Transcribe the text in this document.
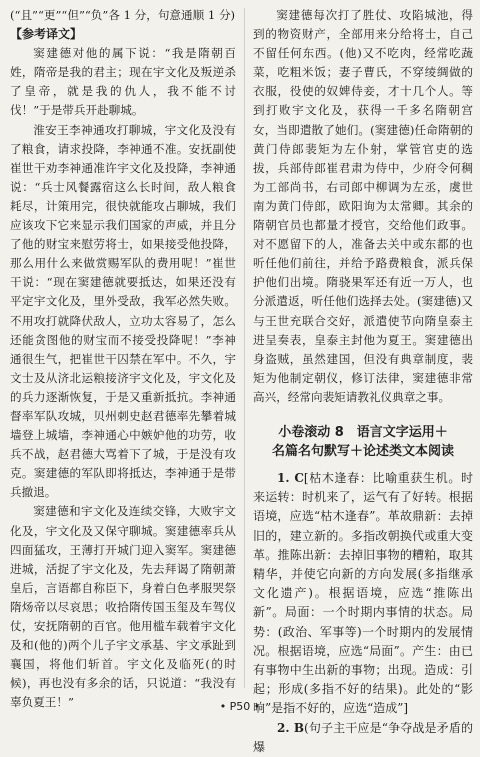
(“且”“更”“但”“负”各 1 分，句意通顺 1 分)

【参考译文】

窦建德对他的属下说：“我是隋朝百姓，隋帝是我的君主；现在宇文化及叛逆杀了皇帝，就是我的仇人，我不能不讨伐！”于是带兵开赴聊城。

淮安王李神通攻打聊城，宇文化及没有了粮食，请求投降，李神通不准。安抚副使崔世干劝李神通准许宇文化及投降，李神通说：“兵士风餐露宿这么长时间，敌人粮食耗尽，计策用完，很快就能攻占聊城，我们应该攻下它来显示我们国家的声威，并且分了他的财宝来慰劳将士，如果接受他投降，那么用什么来做赏赐军队的费用呢！”崔世干说：“现在窦建德就要抵达，如果还没有平定宇文化及，里外受敌，我军必然失败。不用攻打就降伏敌人，立功太容易了，怎么还能贪图他的财宝而不接受投降呢！”李神通很生气，把崔世干囚禁在军中。不久，宇文士及从济北运粮接济宇文化及，宇文化及的兵力逐渐恢复，于是又重新抵抗。李神通督率军队攻城，贝州刺史赵君德率先攀着城墙登上城墙，李神通心中嫉妒他的功劳，收兵不战，赵君德大骂着下了城，于是没有攻克。窦建德的军队即将抵达，李神通于是带兵撤退。

窦建德和宇文化及连续交锋，大败宇文化及，宇文化及又保守聊城。窦建德率兵从四面猛攻，王薄打开城门迎入窦军。窦建德进城，活捉了宇文化及，先去拜谒了隋朝萧皇后，言语都自称臣下，身着白色孝服哭祭隋炀帝以尽哀思；收拾隋传国玉玺及车驾仪仗，安抚隋朝的百官。他用槛车载着宇文化及和(他的)两个儿子宇文承基、宇文承趾到襄国，将他们斩首。宇文化及临死(的时候)，再也没有多余的话，只说道：“我没有辜负夏王！”

窦建德每次打了胜仗、攻陷城池，得到的物资财产，全部用来分给将士，自己不留任何东西。(他)又不吃肉，经常吃蔬菜，吃粗米饭；妻子曹氏，不穿绫绸做的衣服，役使的奴婢侍妾，才十几个人。等到打败宇文化及，获得一千多名隋朝宫女，当即遣散了她们。(窦建德)任命隋朝的黄门侍郎裴矩为左仆射，掌管官吏的选拔，兵部侍郎崔君肃为侍中，少府令何稠为工部尚书，右司郎中柳调为左丞，虞世南为黄门侍郎，欧阳询为太常卿。其余的隋朝官员也都量才授官，交给他们政事。对不愿留下的人，准备去关中或东都的也听任他们前往，并给予路费粮食，派兵保护他们出境。隋骁果军还有近一万人，也分派遣返，听任他们选择去处。(窦建德)又与王世充联合交好，派遣使节向隋皇泰主进呈奏表，皇泰主封他为夏王。窦建德出身盗贼，虽然建国，但没有典章制度，裴矩为他制定朝仪，修订法律，窦建德非常高兴，经常向裴矩请教礼仪典章之事。

小卷滚动 8　语言文字运用＋
名篇名句默写＋论述类文本阅读

1. C[枯木逢春：比喻重获生机。时来运转：时机来了，运气有了好转。根据语境，应选“枯木逢春”。革故鼎新：去掉旧的，建立新的。多指改朝换代或重大变革。推陈出新：去掉旧事物的糟粕，取其精华，并使它向新的方向发展(多指继承文化遗产)。根据语境，应选“推陈出新”。局面：一个时期内事情的状态。局势：(政治、军事等)一个时期内的发展情况。根据语境，应选“局面”。产生：由已有事物中生出新的事物；出现。造成：引起；形成(多指不好的结果)。此处的“影响”是指不好的，应选“造成”]

2. B(句子主干应是“争夺战是矛盾的爆

• P50 •
